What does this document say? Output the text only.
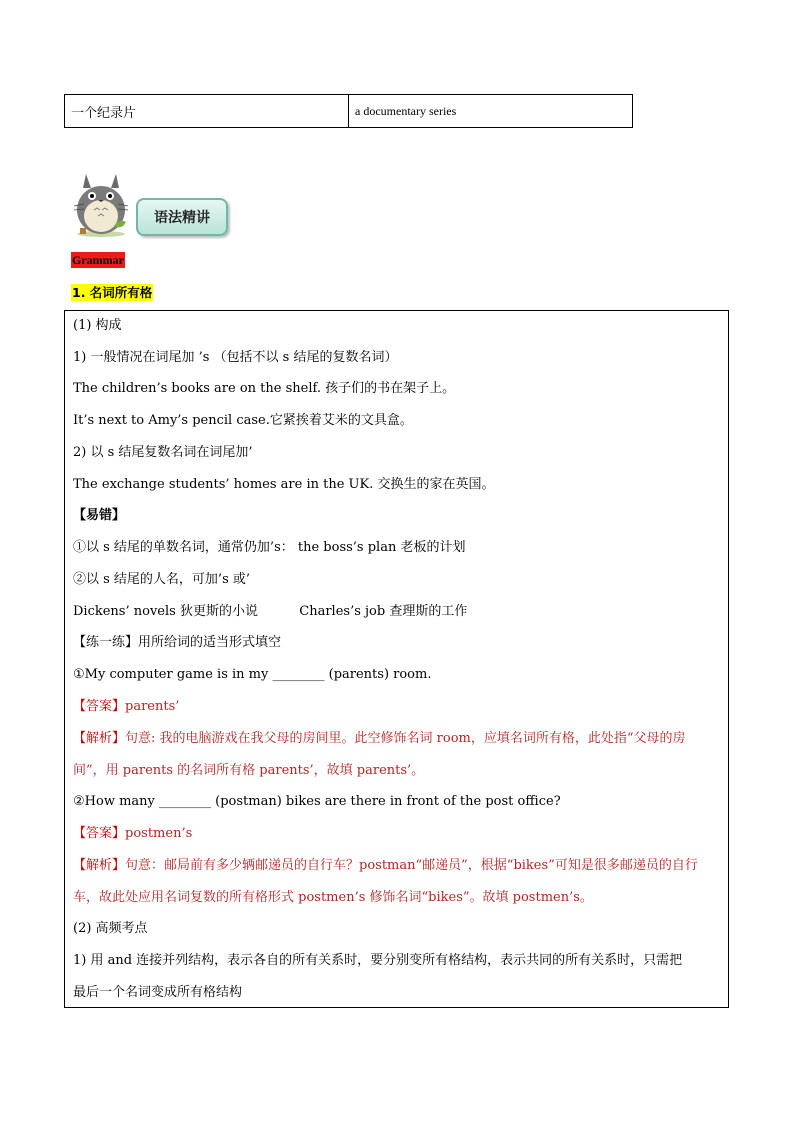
一个纪录片	a documentary series
语法精讲
Grammar
1. 名词所有格
(1) 构成
1) 一般情况在词尾加 ’s （包括不以 s 结尾的复数名词）
The children’s books are on the shelf. 孩子们的书在架子上。
It’s next to Amy’s pencil case.它紧挨着艾米的文具盒。
2) 以 s 结尾复数名词在词尾加’
The exchange students’ homes are in the UK. 交换生的家在英国。
【易错】
①以 s 结尾的单数名词，通常仍加’s： the boss’s plan 老板的计划
②以 s 结尾的人名，可加’s 或’
Dickens’ novels 狄更斯的小说          Charles’s job 查理斯的工作
【练一练】用所给词的适当形式填空
①My computer game is in my ________ (parents) room.
【答案】parents’
【解析】句意: 我的电脑游戏在我父母的房间里。此空修饰名词 room，应填名词所有格，此处指“父母的房
间”，用 parents 的名词所有格 parents’，故填 parents’。
②How many ________ (postman) bikes are there in front of the post office?
【答案】postmen’s
【解析】句意：邮局前有多少辆邮递员的自行车？postman“邮递员”，根据“bikes”可知是很多邮递员的自行
车，故此处应用名词复数的所有格形式 postmen’s 修饰名词“bikes”。故填 postmen’s。
(2) 高频考点
1) 用 and 连接并列结构，表示各自的所有关系时，要分别变所有格结构，表示共同的所有关系时，只需把
最后一个名词变成所有格结构
